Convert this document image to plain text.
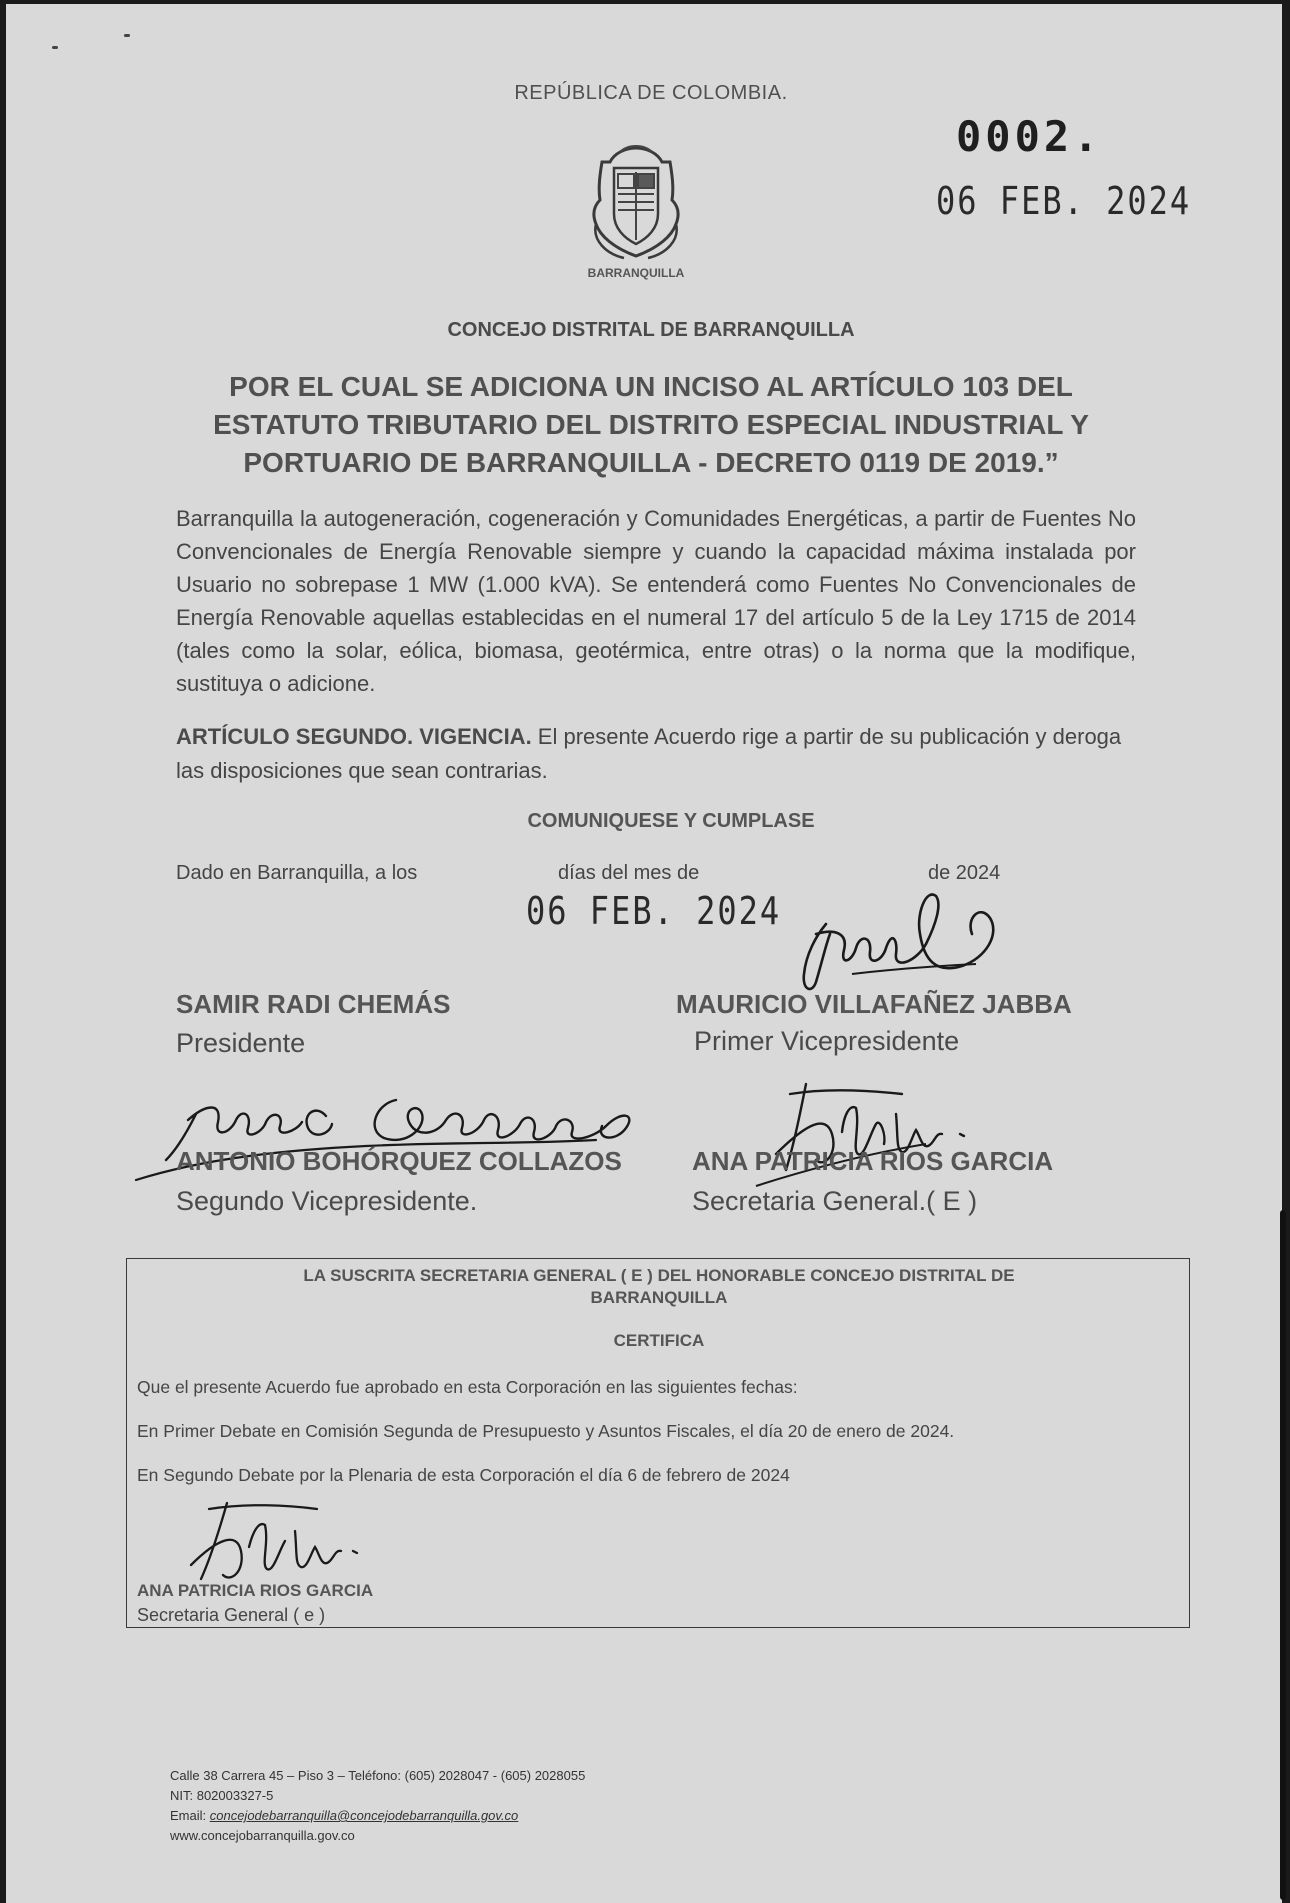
REPÚBLICA DE COLOMBIA.
0002.
06 FEB. 2024
BARRANQUILLA
CONCEJO DISTRITAL DE BARRANQUILLA
POR EL CUAL SE ADICIONA UN INCISO AL ARTÍCULO 103 DEL ESTATUTO TRIBUTARIO DEL DISTRITO ESPECIAL INDUSTRIAL Y PORTUARIO DE BARRANQUILLA - DECRETO 0119 DE 2019.”
Barranquilla la autogeneración, cogeneración y Comunidades Energéticas, a partir de Fuentes No Convencionales de Energía Renovable siempre y cuando la capacidad máxima instalada por Usuario no sobrepase 1 MW (1.000 kVA). Se entenderá como Fuentes No Convencionales de Energía Renovable aquellas establecidas en el numeral 17 del artículo 5 de la Ley 1715 de 2014 (tales como la solar, eólica, biomasa, geotérmica, entre otras) o la norma que la modifique, sustituya o adicione.
ARTÍCULO SEGUNDO. VIGENCIA. El presente Acuerdo rige a partir de su publicación y deroga las disposiciones que sean contrarias.
COMUNIQUESE Y CUMPLASE
Dado en Barranquilla, a los	días del mes de	de 2024
06 FEB. 2024
SAMIR RADI CHEMÁS
Presidente
MAURICIO VILLAFAÑEZ JABBA
Primer Vicepresidente
ANTONIO BOHÓRQUEZ COLLAZOS
Segundo Vicepresidente.
ANA PATRICIA RIOS GARCIA
Secretaria General.( E )
LA SUSCRITA SECRETARIA GENERAL ( E ) DEL HONORABLE CONCEJO DISTRITAL DE
BARRANQUILLA
CERTIFICA
Que el presente Acuerdo fue aprobado en esta Corporación en las siguientes fechas:
En Primer Debate en Comisión Segunda de Presupuesto y Asuntos Fiscales, el día 20 de enero de 2024.
En Segundo Debate por la Plenaria de esta Corporación el día 6 de febrero de 2024
ANA PATRICIA RIOS GARCIA
Secretaria General ( e )
Calle 38 Carrera 45 – Piso 3 – Teléfono: (605) 2028047 - (605) 2028055
NIT: 802003327-5
Email: concejodebarranquilla@concejodebarranquilla.gov.co
www.concejobarranquilla.gov.co
